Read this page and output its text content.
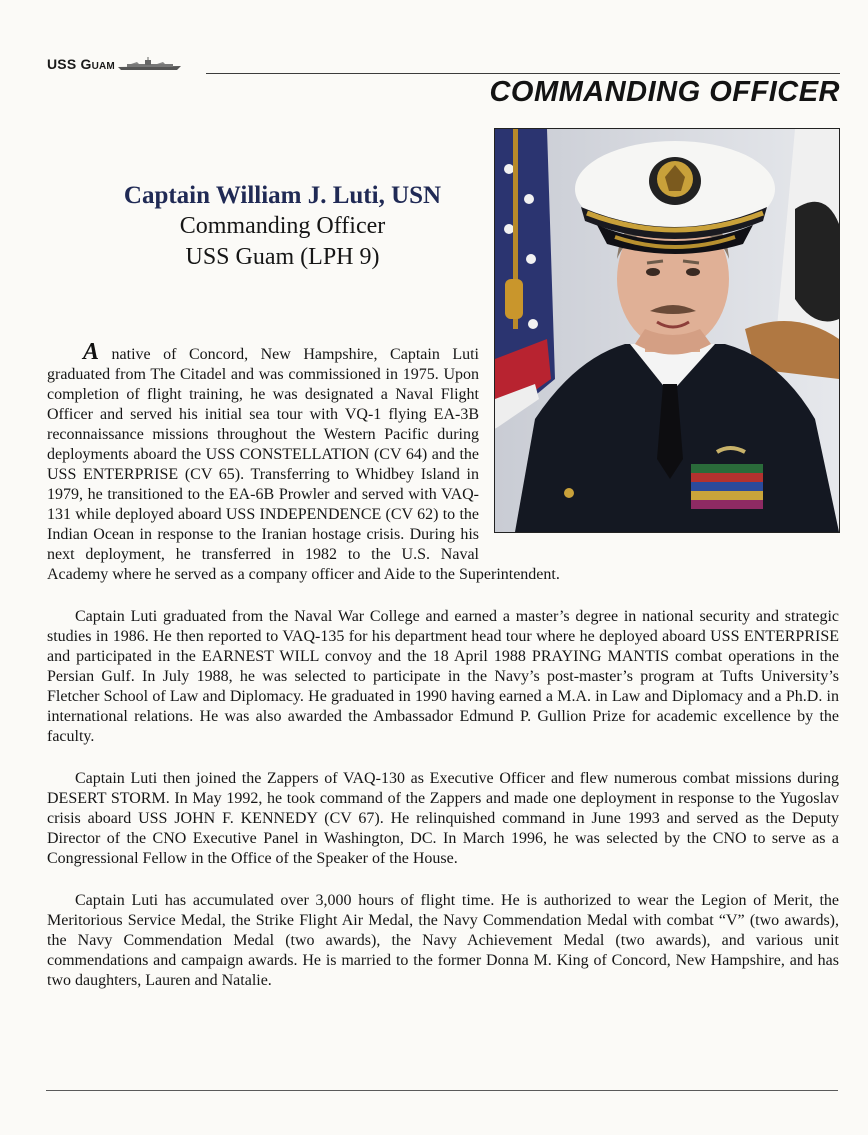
USS Guam
COMMANDING OFFICER
Captain William J. Luti, USN
Commanding Officer
USS Guam (LPH 9)

A native of Concord, New Hampshire, Captain Luti graduated from The Citadel and was commissioned in 1975. Upon completion of flight training, he was designated a Naval Flight Officer and served his initial sea tour with VQ-1 flying EA-3B reconnaissance missions throughout the Western Pacific during deployments aboard the USS CONSTELLATION (CV 64) and the USS ENTERPRISE (CV 65). Transferring to Whidbey Island in 1979, he transitioned to the EA-6B Prowler and served with VAQ-131 while deployed aboard USS INDEPENDENCE (CV 62) to the Indian Ocean in response to the Iranian hostage crisis. During his next deployment, he transferred in 1982 to the U.S. Naval Academy where he served as a company officer and Aide to the Superintendent.

Captain Luti graduated from the Naval War College and earned a master’s degree in national security and strategic studies in 1986. He then reported to VAQ-135 for his department head tour where he deployed aboard USS ENTERPRISE and participated in the EARNEST WILL convoy and the 18 April 1988 PRAYING MANTIS combat operations in the Persian Gulf. In July 1988, he was selected to participate in the Navy’s post-master’s program at Tufts University’s Fletcher School of Law and Diplomacy. He graduated in 1990 having earned a M.A. in Law and Diplomacy and a Ph.D. in international relations. He was also awarded the Ambassador Edmund P. Gullion Prize for academic excellence by the faculty.

Captain Luti then joined the Zappers of VAQ-130 as Executive Officer and flew numerous combat missions during DESERT STORM. In May 1992, he took command of the Zappers and made one deployment in response to the Yugoslav crisis aboard USS JOHN F. KENNEDY (CV 67). He relinquished command in June 1993 and served as the Deputy Director of the CNO Executive Panel in Washington, DC. In March 1996, he was selected by the CNO to serve as a Congressional Fellow in the Office of the Speaker of the House.

Captain Luti has accumulated over 3,000 hours of flight time. He is authorized to wear the Legion of Merit, the Meritorious Service Medal, the Strike Flight Air Medal, the Navy Commendation Medal with combat “V” (two awards), the Navy Commendation Medal (two awards), the Navy Achievement Medal (two awards), and various unit commendations and campaign awards. He is married to the former Donna M. King of Concord, New Hampshire, and has two daughters, Lauren and Natalie.
